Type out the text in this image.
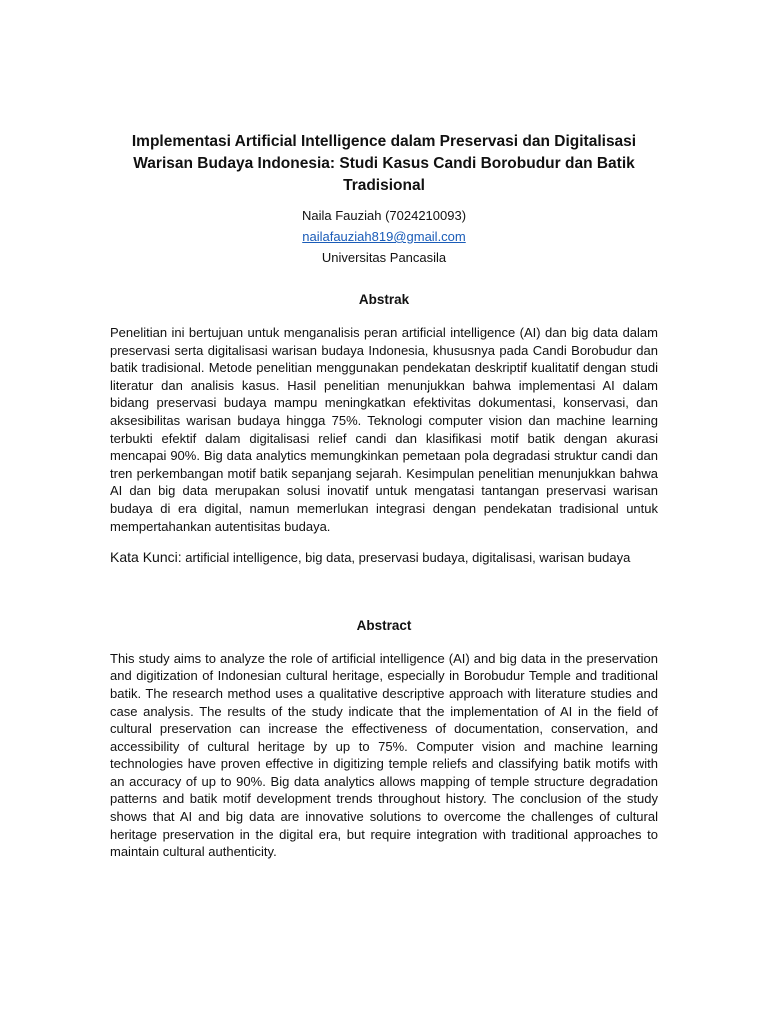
Implementasi Artificial Intelligence dalam Preservasi dan Digitalisasi
Warisan Budaya Indonesia: Studi Kasus Candi Borobudur dan Batik
Tradisional
Naila Fauziah (7024210093)
nailafauziah819@gmail.com
Universitas Pancasila
Abstrak

Penelitian ini bertujuan untuk menganalisis peran artificial intelligence (AI) dan big data dalam preservasi serta digitalisasi warisan budaya Indonesia, khususnya pada Candi Borobudur dan batik tradisional. Metode penelitian menggunakan pendekatan deskriptif kualitatif dengan studi literatur dan analisis kasus. Hasil penelitian menunjukkan bahwa implementasi AI dalam bidang preservasi budaya mampu meningkatkan efektivitas dokumentasi, konservasi, dan aksesibilitas warisan budaya hingga 75%. Teknologi computer vision dan machine learning terbukti efektif dalam digitalisasi relief candi dan klasifikasi motif batik dengan akurasi mencapai 90%. Big data analytics memungkinkan pemetaan pola degradasi struktur candi dan tren perkembangan motif batik sepanjang sejarah. Kesimpulan penelitian menunjukkan bahwa AI dan big data merupakan solusi inovatif untuk mengatasi tantangan preservasi warisan budaya di era digital, namun memerlukan integrasi dengan pendekatan tradisional untuk mempertahankan autentisitas budaya.

Kata Kunci: artificial intelligence, big data, preservasi budaya, digitalisasi, warisan budaya

Abstract

This study aims to analyze the role of artificial intelligence (AI) and big data in the preservation and digitization of Indonesian cultural heritage, especially in Borobudur Temple and traditional batik. The research method uses a qualitative descriptive approach with literature studies and case analysis. The results of the study indicate that the implementation of AI in the field of cultural preservation can increase the effectiveness of documentation, conservation, and accessibility of cultural heritage by up to 75%. Computer vision and machine learning technologies have proven effective in digitizing temple reliefs and classifying batik motifs with an accuracy of up to 90%. Big data analytics allows mapping of temple structure degradation patterns and batik motif development trends throughout history. The conclusion of the study shows that AI and big data are innovative solutions to overcome the challenges of cultural heritage preservation in the digital era, but require integration with traditional approaches to maintain cultural authenticity.
